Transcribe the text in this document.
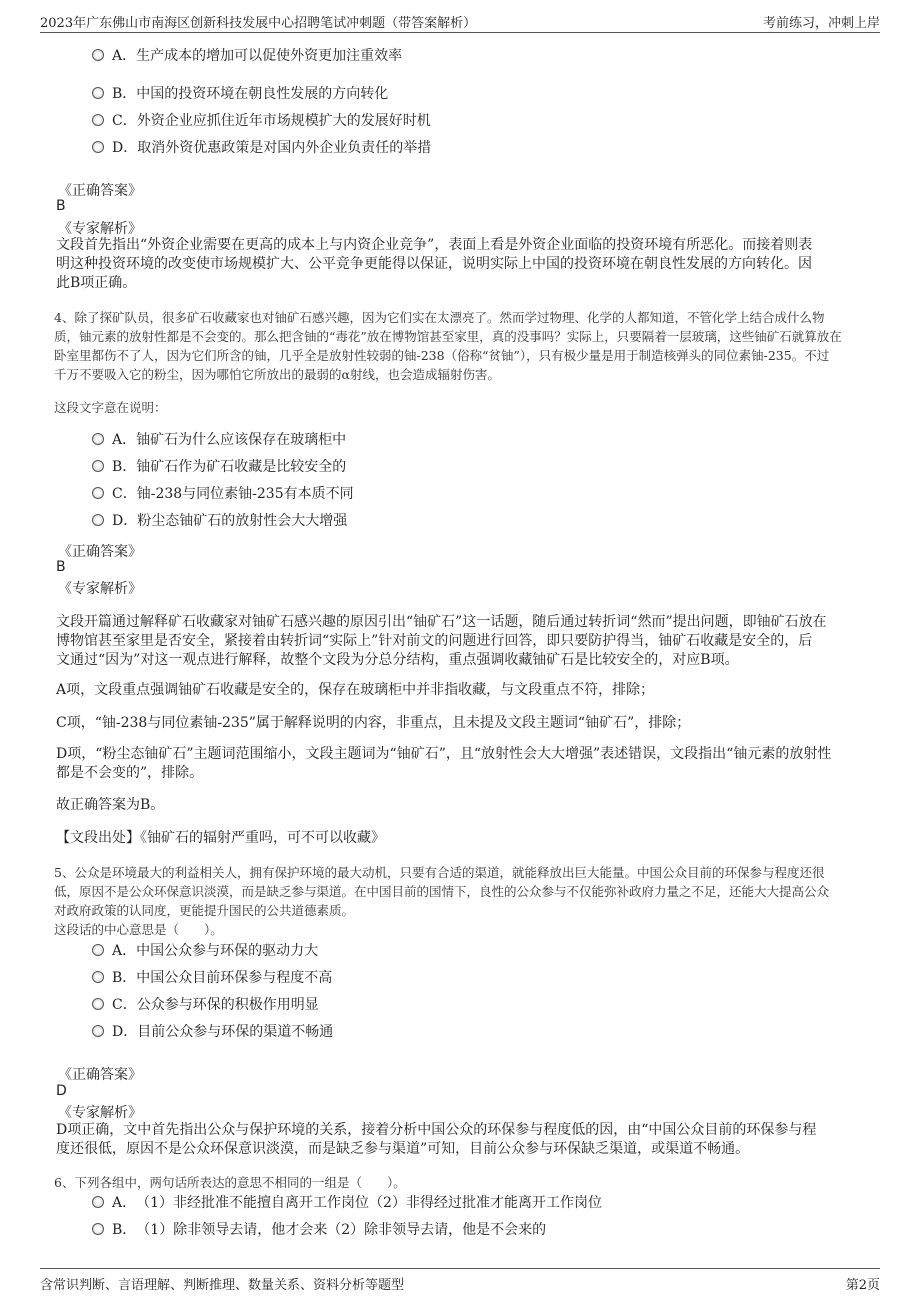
2023年广东佛山市南海区创新科技发展中心招聘笔试冲刺题（带答案解析）	考前练习，冲刺上岸
A．生产成本的增加可以促使外资更加注重效率
B．中国的投资环境在朝良性发展的方向转化
C．外资企业应抓住近年市场规模扩大的发展好时机
D．取消外资优惠政策是对国内外企业负责任的举措
《正确答案》
B
《专家解析》
文段首先指出“外资企业需要在更高的成本上与内资企业竞争”，表面上看是外资企业面临的投资环境有所恶化。而接着则表
明这种投资环境的改变使市场规模扩大、公平竞争更能得以保证，说明实际上中国的投资环境在朝良性发展的方向转化。因
此B项正确。
4、除了探矿队员，很多矿石收藏家也对铀矿石感兴趣，因为它们实在太漂亮了。然而学过物理、化学的人都知道，不管化学上结合成什么物
质，铀元素的放射性都是不会变的。那么把含铀的“毒花”放在博物馆甚至家里，真的没事吗？实际上，只要隔着一层玻璃，这些铀矿石就算放在
卧室里都伤不了人，因为它们所含的铀，几乎全是放射性较弱的铀-238（俗称“贫铀”），只有极少量是用于制造核弹头的同位素铀-235。不过
千万不要吸入它的粉尘，因为哪怕它所放出的最弱的α射线，也会造成辐射伤害。
这段文字意在说明：
A．铀矿石为什么应该保存在玻璃柜中
B．铀矿石作为矿石收藏是比较安全的
C．铀-238与同位素铀-235有本质不同
D．粉尘态铀矿石的放射性会大大增强
《正确答案》
B
《专家解析》
文段开篇通过解释矿石收藏家对铀矿石感兴趣的原因引出“铀矿石”这一话题，随后通过转折词“然而”提出问题，即铀矿石放在
博物馆甚至家里是否安全，紧接着由转折词“实际上”针对前文的问题进行回答，即只要防护得当，铀矿石收藏是安全的，后
文通过“因为”对这一观点进行解释，故整个文段为分总分结构，重点强调收藏铀矿石是比较安全的，对应B项。
A项，文段重点强调铀矿石收藏是安全的，保存在玻璃柜中并非指收藏，与文段重点不符，排除；
C项，“铀-238与同位素铀-235”属于解释说明的内容，非重点，且未提及文段主题词“铀矿石”，排除；
D项，“粉尘态铀矿石”主题词范围缩小，文段主题词为“铀矿石”，且“放射性会大大增强”表述错误，文段指出“铀元素的放射性
都是不会变的”，排除。
故正确答案为B。
【文段出处】《铀矿石的辐射严重吗，可不可以收藏》
5、公众是环境最大的利益相关人，拥有保护环境的最大动机，只要有合适的渠道，就能释放出巨大能量。中国公众目前的环保参与程度还很
低，原因不是公众环保意识淡漠，而是缺乏参与渠道。在中国目前的国情下，良性的公众参与不仅能弥补政府力量之不足，还能大大提高公众
对政府政策的认同度，更能提升国民的公共道德素质。
这段话的中心意思是（　　）。
A．中国公众参与环保的驱动力大
B．中国公众目前环保参与程度不高
C．公众参与环保的积极作用明显
D．目前公众参与环保的渠道不畅通
《正确答案》
D
《专家解析》
D项正确，文中首先指出公众与保护环境的关系，接着分析中国公众的环保参与程度低的因，由“中国公众目前的环保参与程
度还很低，原因不是公众环保意识淡漠，而是缺乏参与渠道”可知，目前公众参与环保缺乏渠道，或渠道不畅通。
6、下列各组中，两句话所表达的意思不相同的一组是（　　）。
A．（1）非经批准不能擅自离开工作岗位（2）非得经过批准才能离开工作岗位
B．（1）除非领导去请，他才会来（2）除非领导去请，他是不会来的
含常识判断、言语理解、判断推理、数量关系、资料分析等题型	第2页
